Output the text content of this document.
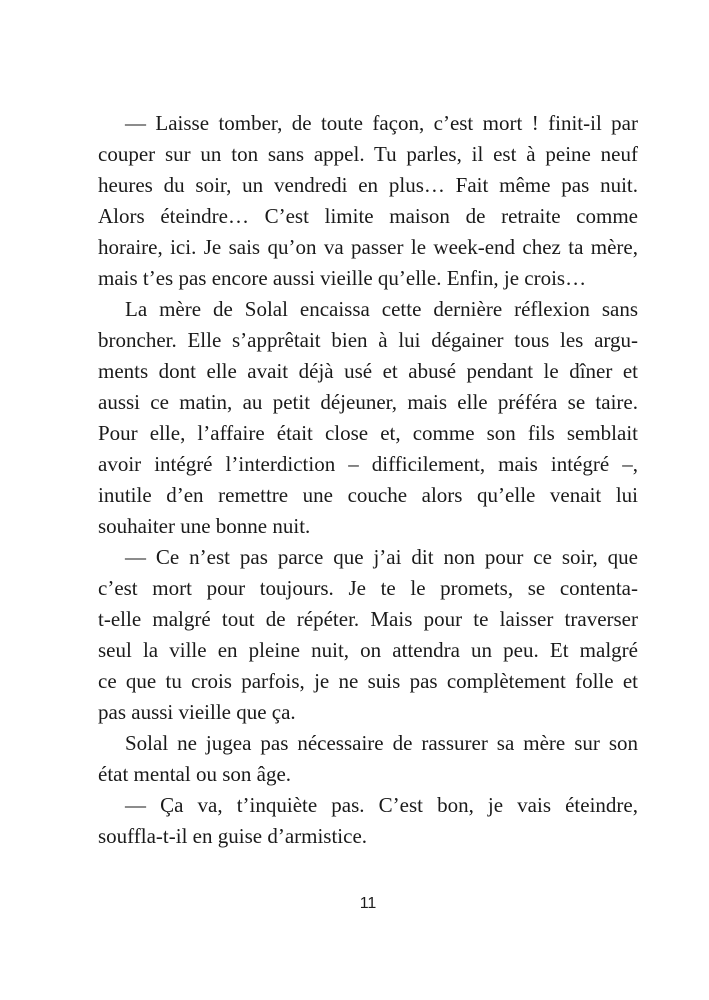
— Laisse tomber, de toute façon, c’est mort ! finit-il par
couper sur un ton sans appel. Tu parles, il est à peine neuf
heures du soir, un vendredi en plus… Fait même pas nuit.
Alors éteindre… C’est limite maison de retraite comme
horaire, ici. Je sais qu’on va passer le week-end chez ta mère,
mais t’es pas encore aussi vieille qu’elle. Enfin, je crois…
La mère de Solal encaissa cette dernière réflexion sans
broncher. Elle s’apprêtait bien à lui dégainer tous les argu-
ments dont elle avait déjà usé et abusé pendant le dîner et
aussi ce matin, au petit déjeuner, mais elle préféra se taire.
Pour elle, l’affaire était close et, comme son fils semblait
avoir intégré l’interdiction – difficilement, mais intégré –,
inutile d’en remettre une couche alors qu’elle venait lui
souhaiter une bonne nuit.
— Ce n’est pas parce que j’ai dit non pour ce soir, que
c’est mort pour toujours. Je te le promets, se contenta-
t-elle malgré tout de répéter. Mais pour te laisser traverser
seul la ville en pleine nuit, on attendra un peu. Et malgré
ce que tu crois parfois, je ne suis pas complètement folle et
pas aussi vieille que ça.
Solal ne jugea pas nécessaire de rassurer sa mère sur son
état mental ou son âge.
— Ça va, t’inquiète pas. C’est bon, je vais éteindre,
souffla-t-il en guise d’armistice.
11
